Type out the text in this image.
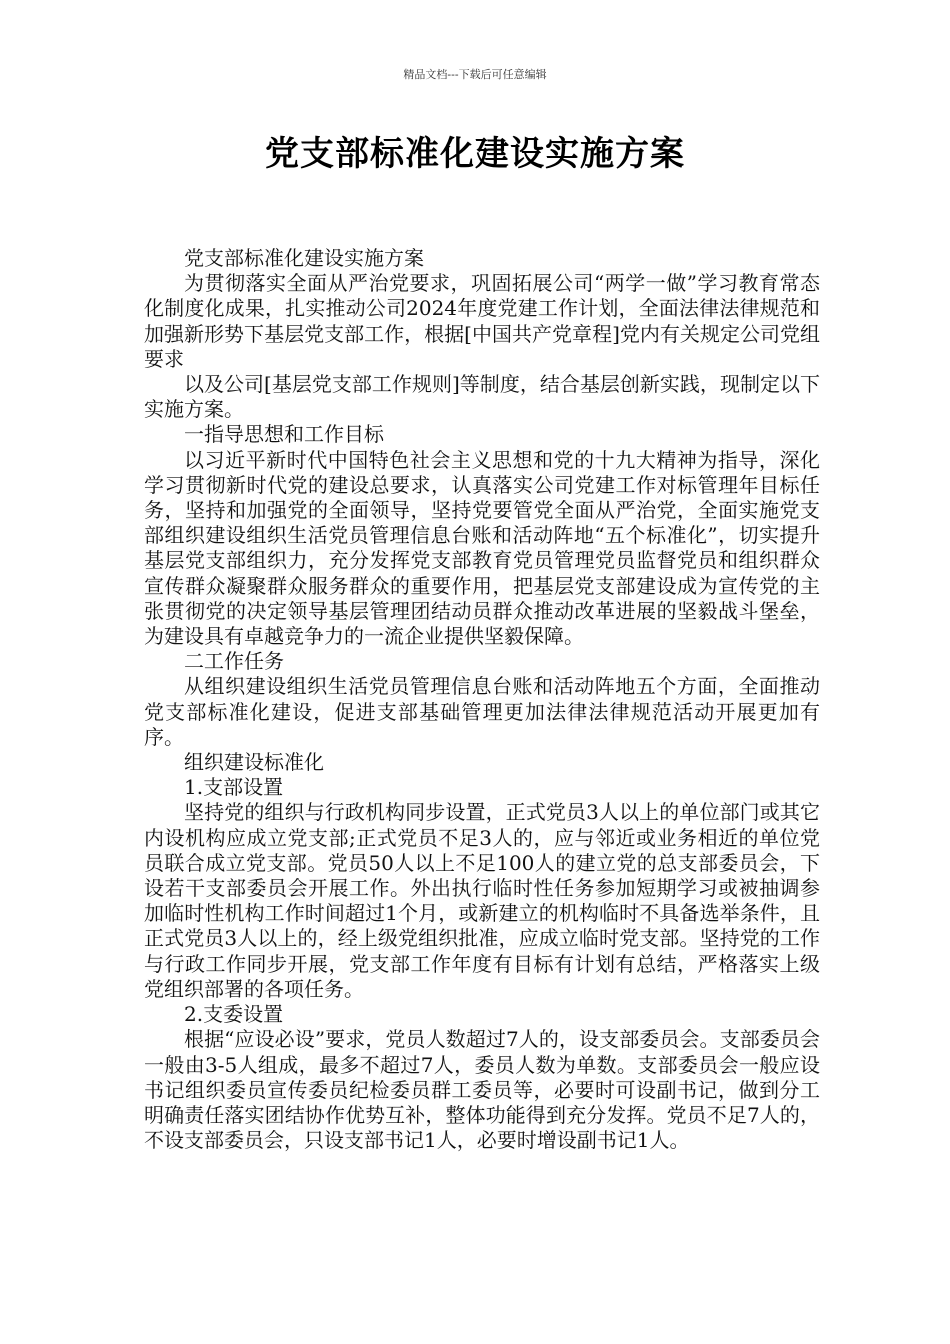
精品文档---下载后可任意编辑
党支部标准化建设实施方案

党支部标准化建设实施方案

为贯彻落实全面从严治党要求，巩固拓展公司“两学一做”学习教育常态化制度化成果，扎实推动公司2024年度党建工作计划，全面法律法律规范和加强新形势下基层党支部工作，根据[中国共产党章程]党内有关规定公司党组要求

以及公司[基层党支部工作规则]等制度，结合基层创新实践，现制定以下实施方案。

一指导思想和工作目标

以习近平新时代中国特色社会主义思想和党的十九大精神为指导，深化学习贯彻新时代党的建设总要求，认真落实公司党建工作对标管理年目标任务，坚持和加强党的全面领导，坚持党要管党全面从严治党，全面实施党支部组织建设组织生活党员管理信息台账和活动阵地“五个标准化”，切实提升基层党支部组织力，充分发挥党支部教育党员管理党员监督党员和组织群众宣传群众凝聚群众服务群众的重要作用，把基层党支部建设成为宣传党的主张贯彻党的决定领导基层管理团结动员群众推动改革进展的坚毅战斗堡垒，为建设具有卓越竞争力的一流企业提供坚毅保障。

二工作任务

从组织建设组织生活党员管理信息台账和活动阵地五个方面，全面推动党支部标准化建设，促进支部基础管理更加法律法律规范活动开展更加有序。

组织建设标准化

1.支部设置

坚持党的组织与行政机构同步设置，正式党员3人以上的单位部门或其它内设机构应成立党支部;正式党员不足3人的，应与邻近或业务相近的单位党员联合成立党支部。党员50人以上不足100人的建立党的总支部委员会，下设若干支部委员会开展工作。外出执行临时性任务参加短期学习或被抽调参加临时性机构工作时间超过1个月，或新建立的机构临时不具备选举条件，且正式党员3人以上的，经上级党组织批准，应成立临时党支部。坚持党的工作与行政工作同步开展，党支部工作年度有目标有计划有总结，严格落实上级党组织部署的各项任务。

2.支委设置

根据“应设必设”要求，党员人数超过7人的，设支部委员会。支部委员会一般由3-5人组成，最多不超过7人，委员人数为单数。支部委员会一般应设书记组织委员宣传委员纪检委员群工委员等，必要时可设副书记，做到分工明确责任落实团结协作优势互补，整体功能得到充分发挥。党员不足7人的，不设支部委员会，只设支部书记1人，必要时增设副书记1人。
